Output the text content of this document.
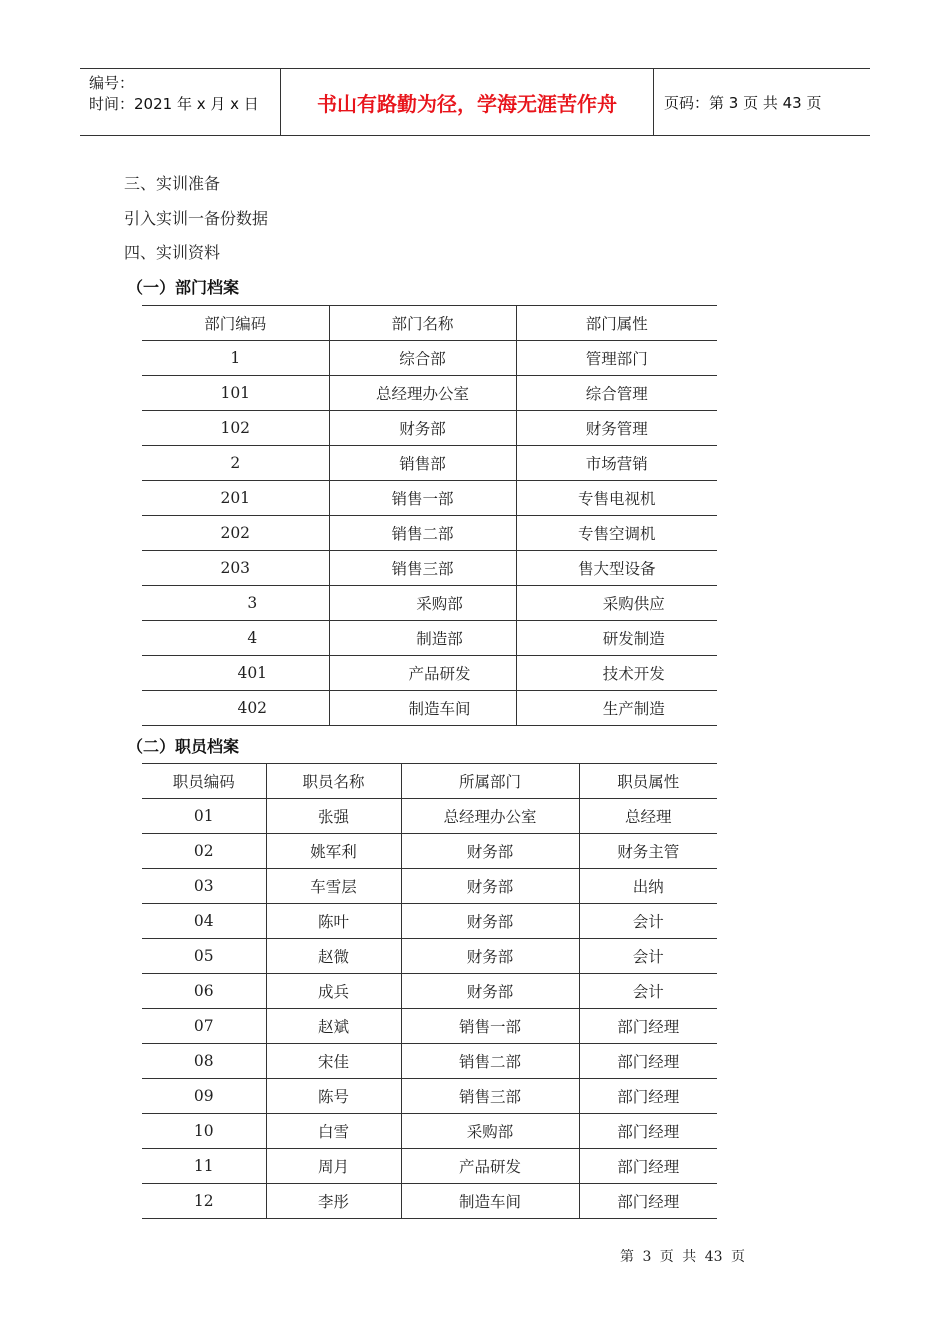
编号：
时间：2021 年 x 月 x 日	书山有路勤为径，学海无涯苦作舟	页码：第 3 页 共 43 页
三、实训准备
引入实训一备份数据
四、实训资料
（一）部门档案
部门编码	部门名称	部门属性
1	综合部	管理部门
101	总经理办公室	综合管理
102	财务部	财务管理
2	销售部	市场营销
201	销售一部	专售电视机
202	销售二部	专售空调机
203	销售三部	售大型设备
3	采购部	采购供应
4	制造部	研发制造
401	产品研发	技术开发
402	制造车间	生产制造
（二）职员档案
职员编码	职员名称	所属部门	职员属性
01	张强	总经理办公室	总经理
02	姚军利	财务部	财务主管
03	车雪层	财务部	出纳
04	陈叶	财务部	会计
05	赵微	财务部	会计
06	成兵	财务部	会计
07	赵斌	销售一部	部门经理
08	宋佳	销售二部	部门经理
09	陈号	销售三部	部门经理
10	白雪	采购部	部门经理
11	周月	产品研发	部门经理
12	李彤	制造车间	部门经理
第 3 页 共 43 页
